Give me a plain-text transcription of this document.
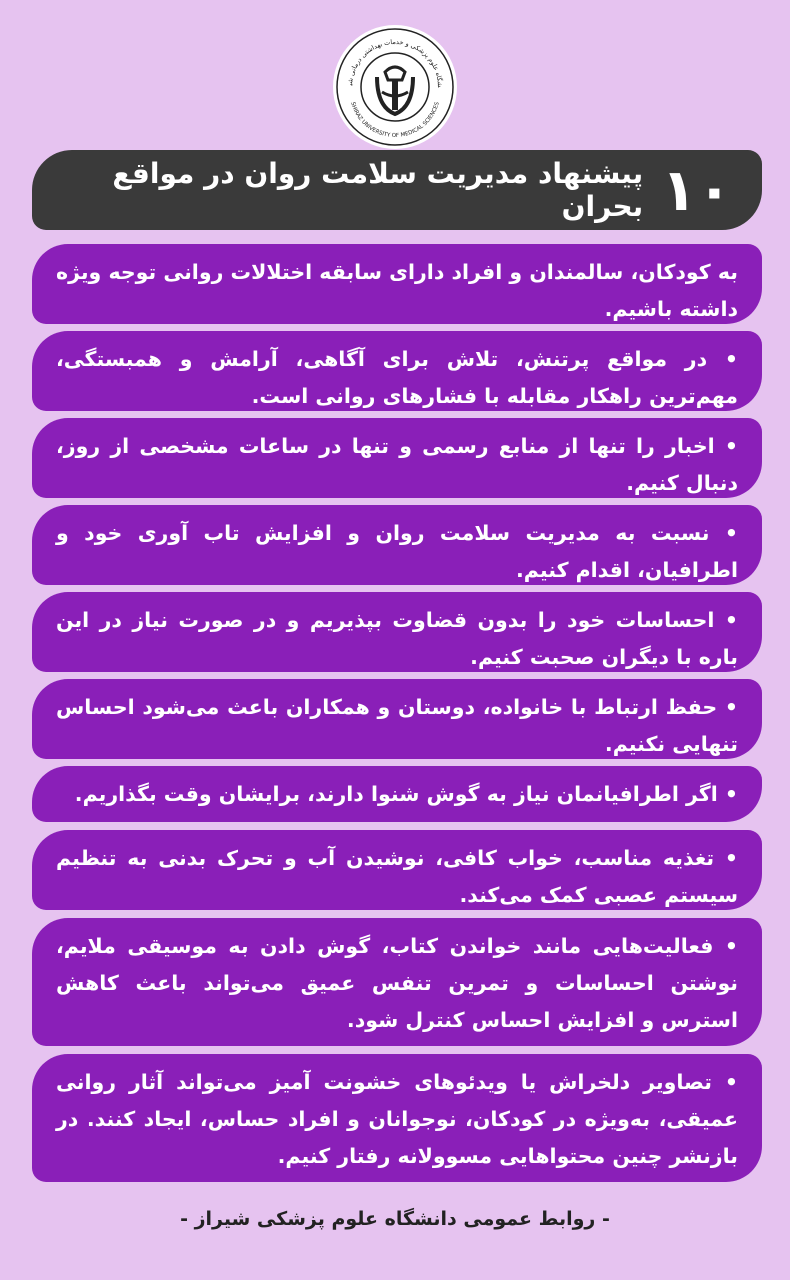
شگاه علوم پزشکی و خدمات بهداشتی درمانی شی
SHIRAZ UNIVERSITY OF MEDICAL SCIENCES
۱۰
پیشنهاد مدیریت سلامت روان در مواقع بحران
به کودکان، سالمندان و افراد دارای سابقه اختلالات روانی توجه ویژه داشته باشیم.
• در مواقع پرتنش، تلاش برای آگاهی، آرامش و همبستگی، مهم‌ترین راهکار مقابله با فشارهای روانی است.
• اخبار را تنها از منابع رسمی و تنها در ساعات مشخصی از روز، دنبال کنیم.
• نسبت به مدیریت سلامت روان و افزایش تاب آوری خود و اطرافیان، اقدام کنیم.
• احساسات خود را بدون قضاوت بپذیریم و در صورت نیاز در این باره با دیگران صحبت کنیم.
• حفظ ارتباط با خانواده، دوستان و همکاران باعث می‌شود احساس تنهایی نکنیم.
• اگر اطرافیانمان نیاز به گوش شنوا دارند، برایشان وقت بگذاریم.
• تغذیه مناسب، خواب کافی، نوشیدن آب و تحرک بدنی به تنظیم سیستم عصبی کمک می‌کند.
• فعالیت‌هایی مانند خواندن کتاب، گوش دادن به موسیقی ملایم، نوشتن احساسات و تمرین تنفس عمیق می‌تواند باعث کاهش استرس و افزایش احساس کنترل شود.
• تصاویر دلخراش یا ویدئوهای خشونت آمیز می‌تواند آثار روانی عمیقی، به‌ویژه در کودکان، نوجوانان و افراد حساس، ایجاد کنند. در بازنشر چنین محتواهایی مسوولانه رفتار کنیم.
- روابط عمومی دانشگاه علوم پزشکی شیراز -
